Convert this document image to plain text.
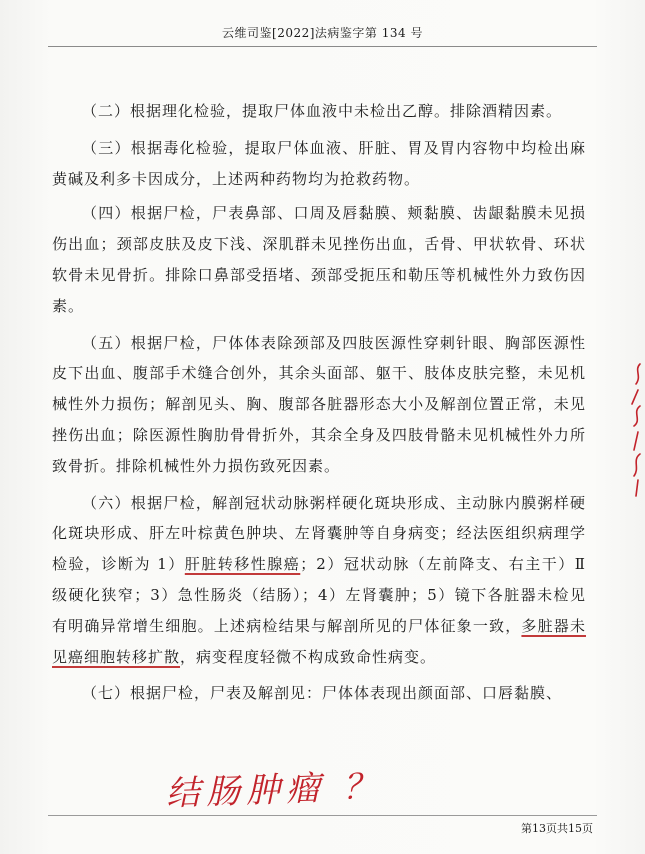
云维司鉴[2022]法病鉴字第 134 号

（二）根据理化检验，提取尸体血液中未检出乙醇。排除酒精因素。

（三）根据毒化检验，提取尸体血液、肝脏、胃及胃内容物中均检出麻黄碱及利多卡因成分，上述两种药物均为抢救药物。

（四）根据尸检，尸表鼻部、口周及唇黏膜、颊黏膜、齿龈黏膜未见损伤出血；颈部皮肤及皮下浅、深肌群未见挫伤出血，舌骨、甲状软骨、环状软骨未见骨折。排除口鼻部受捂堵、颈部受扼压和勒压等机械性外力致伤因素。

（五）根据尸检，尸体体表除颈部及四肢医源性穿刺针眼、胸部医源性皮下出血、腹部手术缝合创外，其余头面部、躯干、肢体皮肤完整，未见机械性外力损伤；解剖见头、胸、腹部各脏器形态大小及解剖位置正常，未见挫伤出血；除医源性胸肋骨骨折外，其余全身及四肢骨骼未见机械性外力所致骨折。排除机械性外力损伤致死因素。

（六）根据尸检，解剖冠状动脉粥样硬化斑块形成、主动脉内膜粥样硬化斑块形成、肝左叶棕黄色肿块、左肾囊肿等自身病变；经法医组织病理学检验，诊断为 1）肝脏转移性腺癌；2）冠状动脉（左前降支、右主干）Ⅱ级硬化狭窄；3）急性肠炎（结肠）；4）左肾囊肿；5）镜下各脏器未检见有明确异常增生细胞。上述病检结果与解剖所见的尸体征象一致，多脏器未见癌细胞转移扩散，病变程度轻微不构成致命性病变。

（七）根据尸检，尸表及解剖见：尸体体表现出颜面部、口唇黏膜、

结肠肿瘤 ？
第13页共15页
